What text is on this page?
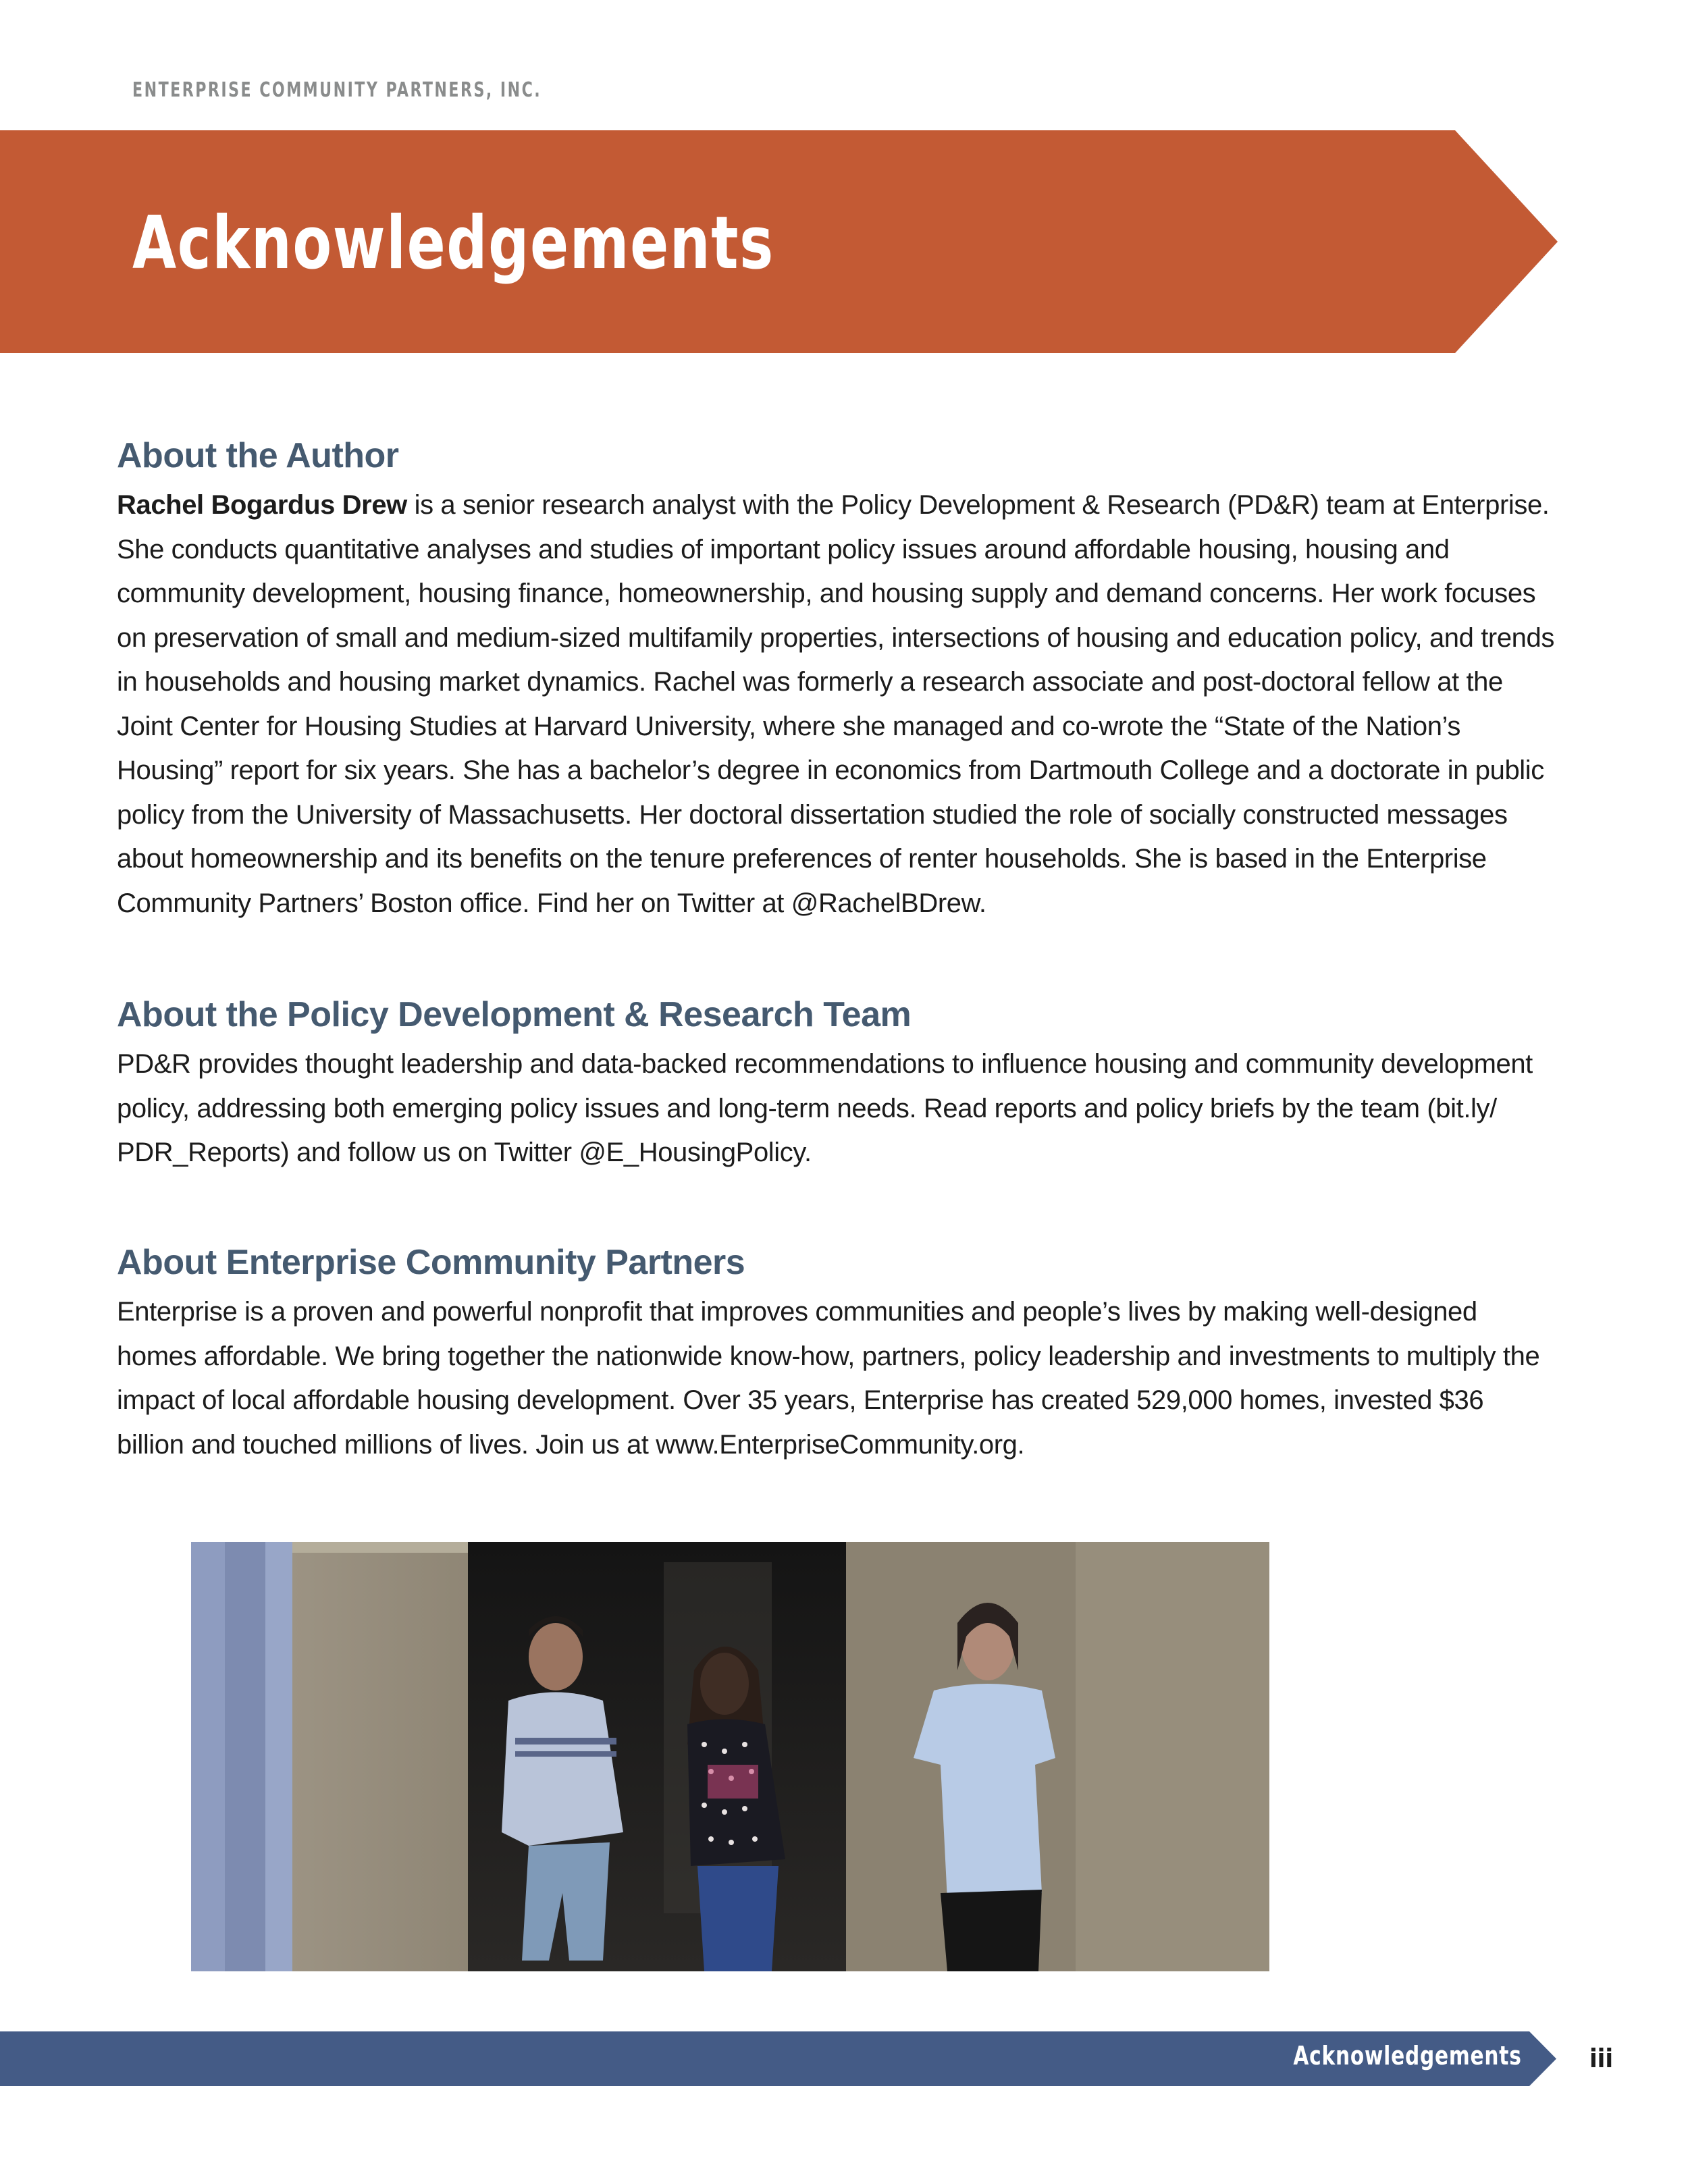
ENTERPRISE COMMUNITY PARTNERS, INC.
Acknowledgements
About the Author

Rachel Bogardus Drew is a senior research analyst with the Policy Development & Research (PD&R) team at Enterprise. She conducts quantitative analyses and studies of important policy issues around affordable housing, housing and community development, housing finance, homeownership, and housing supply and demand concerns. Her work focuses on preservation of small and medium-sized multifamily properties, intersections of housing and education policy, and trends in households and housing market dynamics. Rachel was formerly a research associate and post-doctoral fellow at the Joint Center for Housing Studies at Harvard University, where she managed and co-wrote the “State of the Nation’s Housing” report for six years. She has a bachelor’s degree in economics from Dartmouth College and a doctorate in public policy from the University of Massachusetts. Her doctoral dissertation studied the role of socially constructed messages about homeownership and its benefits on the tenure preferences of renter households. She is based in the Enterprise Community Partners’ Boston office. Find her on Twitter at @RachelBDrew.

About the Policy Development & Research Team

PD&R provides thought leadership and data-backed recommendations to influence housing and community development policy, addressing both emerging policy issues and long-term needs. Read reports and policy briefs by the team (bit.ly/ PDR_Reports) and follow us on Twitter @E_HousingPolicy.

About Enterprise Community Partners

Enterprise is a proven and powerful nonprofit that improves communities and people’s lives by making well-designed homes affordable. We bring together the nationwide know-how, partners, policy leadership and investments to multiply the impact of local affordable housing development. Over 35 years, Enterprise has created 529,000 homes, invested $36 billion and touched millions of lives. Join us at www.EnterpriseCommunity.org.

Acknowledgements	iii
